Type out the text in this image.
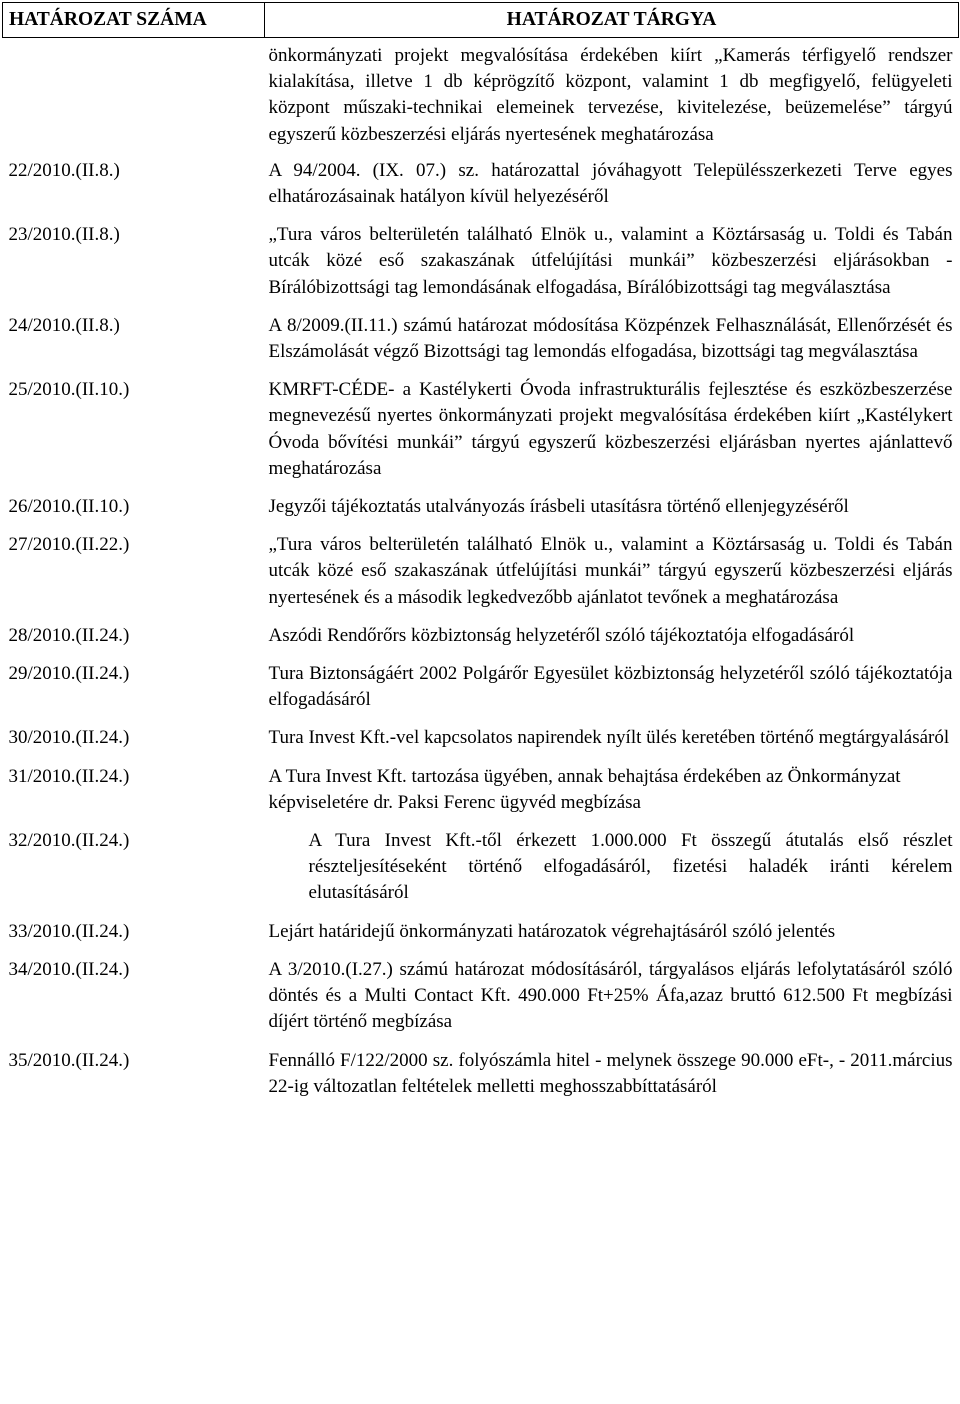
HATÁROZAT SZÁMA	HATÁROZAT TÁRGYA
	önkormányzati projekt megvalósítása érdekében kiírt „Kamerás térfigyelő rendszer kialakítása, illetve 1 db képrögzítő központ, valamint 1 db megfigyelő, felügyeleti központ műszaki-technikai elemeinek tervezése, kivitelezése, beüzemelése” tárgyú egyszerű közbeszerzési eljárás nyertesének meghatározása
22/2010.(II.8.)	A 94/2004. (IX. 07.) sz. határozattal jóváhagyott Településszerkezeti Terve egyes elhatározásainak hatályon kívül helyezéséről
23/2010.(II.8.)	„Tura város belterületén található Elnök u., valamint a Köztársaság u. Toldi és Tabán utcák közé eső szakaszának útfelújítási munkái” közbeszerzési eljárásokban - Bírálóbizottsági tag lemondásának elfogadása, Bírálóbizottsági tag megválasztása
24/2010.(II.8.)	A 8/2009.(II.11.) számú határozat módosítása Közpénzek Felhasználását, Ellenőrzését és Elszámolását végző Bizottsági tag lemondás elfogadása, bizottsági tag megválasztása
25/2010.(II.10.)	KMRFT-CÉDE- a Kastélykerti Óvoda infrastrukturális fejlesztése és eszközbeszerzése megnevezésű nyertes önkormányzati projekt megvalósítása érdekében kiírt „Kastélykert Óvoda bővítési munkái” tárgyú egyszerű közbeszerzési eljárásban nyertes ajánlattevő meghatározása
26/2010.(II.10.)	Jegyzői tájékoztatás utalványozás írásbeli utasításra történő ellenjegyzéséről
27/2010.(II.22.)	„Tura város belterületén található Elnök u., valamint a Köztársaság u. Toldi és Tabán utcák közé eső szakaszának útfelújítási munkái” tárgyú egyszerű közbeszerzési eljárás nyertesének és a második legkedvezőbb ajánlatot tevőnek a meghatározása
28/2010.(II.24.)	Aszódi Rendőrőrs közbiztonság helyzetéről szóló tájékoztatója elfogadásáról
29/2010.(II.24.)	Tura Biztonságáért 2002 Polgárőr Egyesület közbiztonság helyzetéről szóló tájékoztatója elfogadásáról
30/2010.(II.24.)	Tura Invest Kft.-vel kapcsolatos napirendek nyílt ülés keretében történő megtárgyalásáról
31/2010.(II.24.)	A Tura Invest Kft. tartozása ügyében, annak behajtása érdekében az Önkormányzat képviseletére dr. Paksi Ferenc ügyvéd megbízása
32/2010.(II.24.)	A Tura Invest Kft.-től érkezett 1.000.000 Ft összegű átutalás első részlet részteljesítéseként történő elfogadásáról, fizetési haladék iránti kérelem elutasításáról
33/2010.(II.24.)	Lejárt határidejű önkormányzati határozatok végrehajtásáról szóló jelentés
34/2010.(II.24.)	A 3/2010.(I.27.) számú határozat módosításáról, tárgyalásos eljárás lefolytatásáról szóló döntés és a Multi Contact Kft. 490.000 Ft+25% Áfa,azaz bruttó 612.500 Ft megbízási díjért történő megbízása
35/2010.(II.24.)	Fennálló F/122/2000 sz. folyószámla hitel - melynek összege 90.000 eFt-, - 2011.március 22-ig változatlan feltételek melletti meghosszabbíttatásáról
